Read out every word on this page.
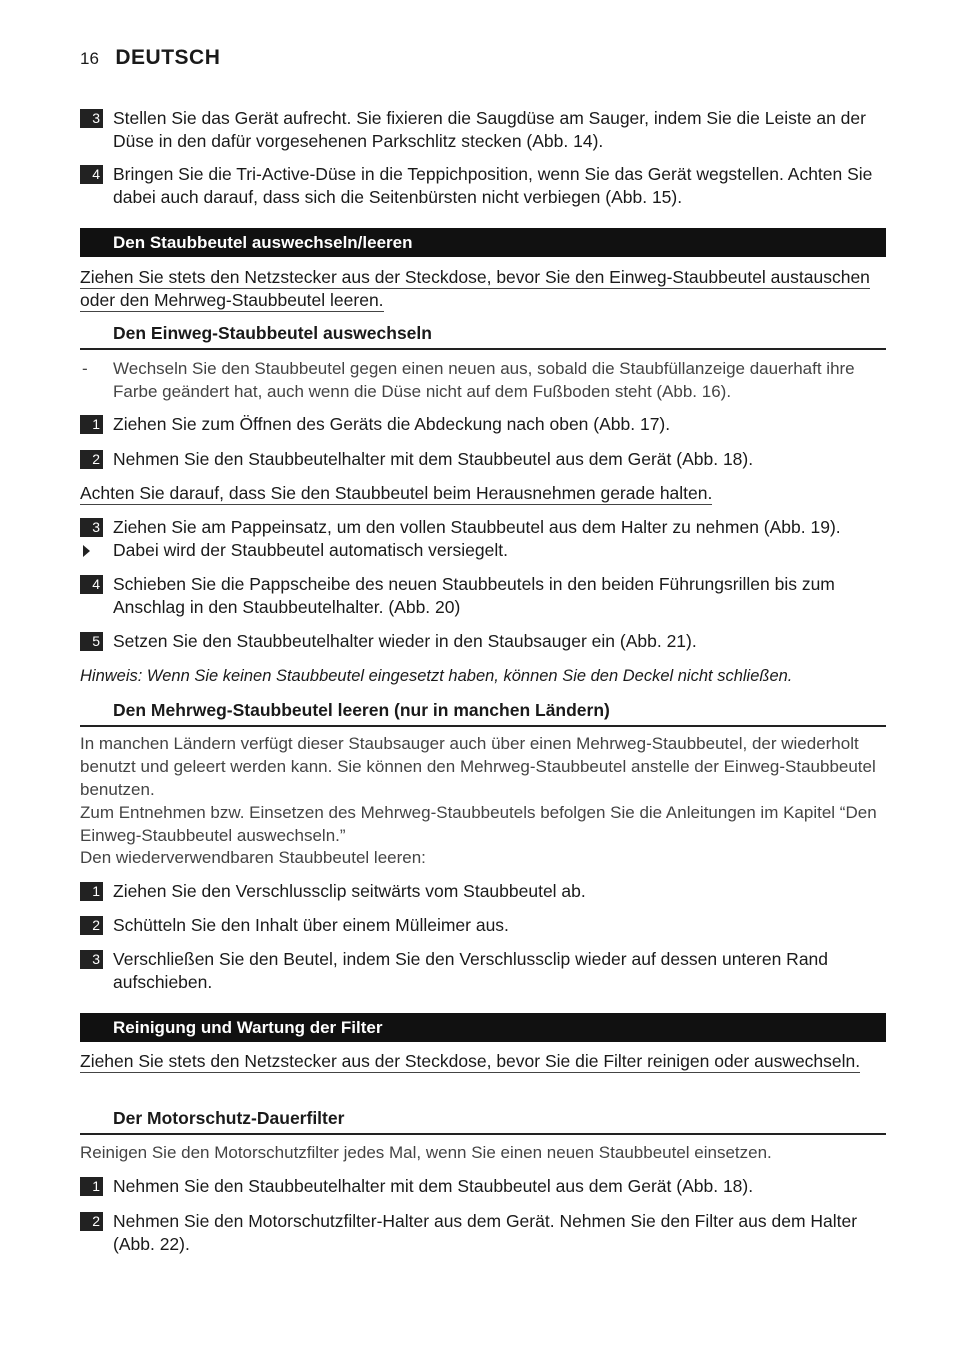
16 DEUTSCH
3 Stellen Sie das Gerät aufrecht. Sie fixieren die Saugdüse am Sauger, indem Sie die Leiste an der Düse in den dafür vorgesehenen Parkschlitz stecken (Abb. 14).
4 Bringen Sie die Tri-Active-Düse in die Teppichposition, wenn Sie das Gerät wegstellen. Achten Sie dabei auch darauf, dass sich die Seitenbürsten nicht verbiegen (Abb. 15).
Den Staubbeutel auswechseln/leeren
Ziehen Sie stets den Netzstecker aus der Steckdose, bevor Sie den Einweg-Staubbeutel austauschen oder den Mehrweg-Staubbeutel leeren.
Den Einweg-Staubbeutel auswechseln
- Wechseln Sie den Staubbeutel gegen einen neuen aus, sobald die Staubfüllanzeige dauerhaft ihre Farbe geändert hat, auch wenn die Düse nicht auf dem Fußboden steht (Abb. 16).
1 Ziehen Sie zum Öffnen des Geräts die Abdeckung nach oben (Abb. 17).
2 Nehmen Sie den Staubbeutelhalter mit dem Staubbeutel aus dem Gerät (Abb. 18).
Achten Sie darauf, dass Sie den Staubbeutel beim Herausnehmen gerade halten.
3 Ziehen Sie am Pappeinsatz, um den vollen Staubbeutel aus dem Halter zu nehmen (Abb. 19).
Dabei wird der Staubbeutel automatisch versiegelt.
4 Schieben Sie die Pappscheibe des neuen Staubbeutels in den beiden Führungsrillen bis zum Anschlag in den Staubbeutelhalter. (Abb. 20)
5 Setzen Sie den Staubbeutelhalter wieder in den Staubsauger ein (Abb. 21).
Hinweis: Wenn Sie keinen Staubbeutel eingesetzt haben, können Sie den Deckel nicht schließen.
Den Mehrweg-Staubbeutel leeren (nur in manchen Ländern)
In manchen Ländern verfügt dieser Staubsauger auch über einen Mehrweg-Staubbeutel, der wiederholt benutzt und geleert werden kann. Sie können den Mehrweg-Staubbeutel anstelle der Einweg-Staubbeutel benutzen.
Zum Entnehmen bzw. Einsetzen des Mehrweg-Staubbeutels befolgen Sie die Anleitungen im Kapitel “Den Einweg-Staubbeutel auswechseln.”
Den wiederverwendbaren Staubbeutel leeren:
1 Ziehen Sie den Verschlussclip seitwärts vom Staubbeutel ab.
2 Schütteln Sie den Inhalt über einem Mülleimer aus.
3 Verschließen Sie den Beutel, indem Sie den Verschlussclip wieder auf dessen unteren Rand aufschieben.
Reinigung und Wartung der Filter
Ziehen Sie stets den Netzstecker aus der Steckdose, bevor Sie die Filter reinigen oder auswechseln.
Der Motorschutz-Dauerfilter
Reinigen Sie den Motorschutzfilter jedes Mal, wenn Sie einen neuen Staubbeutel einsetzen.
1 Nehmen Sie den Staubbeutelhalter mit dem Staubbeutel aus dem Gerät (Abb. 18).
2 Nehmen Sie den Motorschutzfilter-Halter aus dem Gerät. Nehmen Sie den Filter aus dem Halter (Abb. 22).
